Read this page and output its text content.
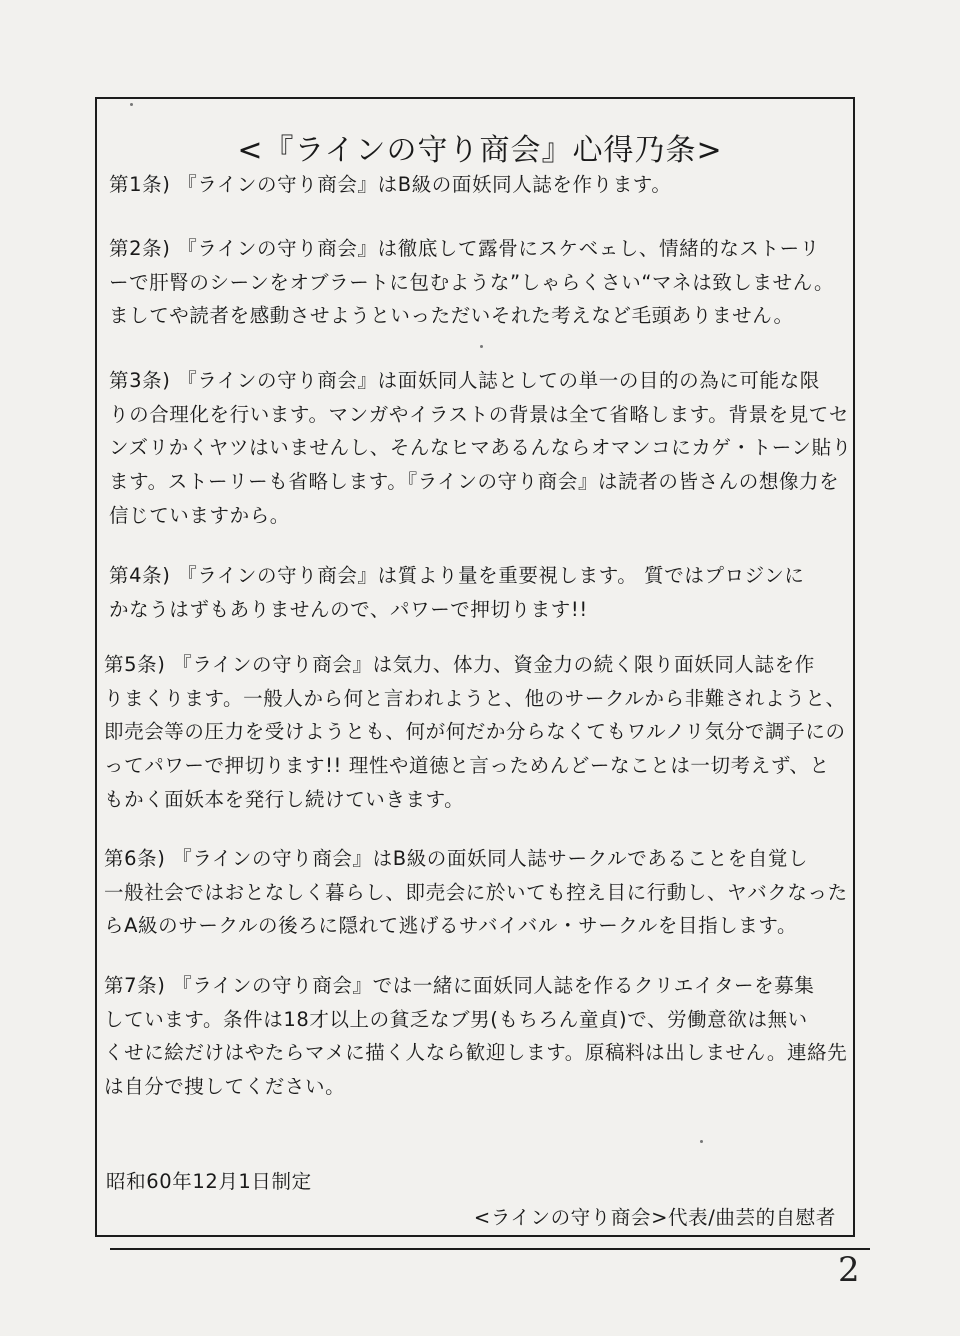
<『ラインの守り商会』心得乃条>
第1条) 『ラインの守り商会』はB級の面妖同人誌を作ります。
第2条) 『ラインの守り商会』は徹底して露骨にスケベェし、情緒的なストーリ
ーで肝腎のシーンをオブラートに包むような”しゃらくさい“マネは致しません。
ましてや読者を感動させようといっただいそれた考えなど毛頭ありません。
第3条) 『ラインの守り商会』は面妖同人誌としての単一の目的の為に可能な限
りの合理化を行います。マンガやイラストの背景は全て省略します。背景を見てセ
ンズリかくヤツはいませんし、そんなヒマあるんならオマンコにカゲ・トーン貼り
ます。ストーリーも省略します。『ラインの守り商会』は読者の皆さんの想像力を
信じていますから。
第4条) 『ラインの守り商会』は質より量を重要視します。 質ではプロジンに
かなうはずもありませんので、パワーで押切ります!!
第5条) 『ラインの守り商会』は気力、体力、資金力の続く限り面妖同人誌を作
りまくります。一般人から何と言われようと、他のサークルから非難されようと、
即売会等の圧力を受けようとも、何が何だか分らなくてもワルノリ気分で調子にの
ってパワーで押切ります!! 理性や道徳と言っためんどーなことは一切考えず、と
もかく面妖本を発行し続けていきます。
第6条) 『ラインの守り商会』はB級の面妖同人誌サークルであることを自覚し
一般社会ではおとなしく暮らし、即売会に於いても控え目に行動し、ヤバクなった
らA級のサークルの後ろに隠れて逃げるサバイバル・サークルを目指します。
第7条) 『ラインの守り商会』では一緒に面妖同人誌を作るクリエイターを募集
しています。条件は18才以上の貧乏なブ男(もちろん童貞)で、労働意欲は無い
くせに絵だけはやたらマメに描く人なら歓迎します。原稿料は出しません。連絡先
は自分で捜してください。
昭和60年12月1日制定
<ラインの守り商会>代表/曲芸的自慰者
2
